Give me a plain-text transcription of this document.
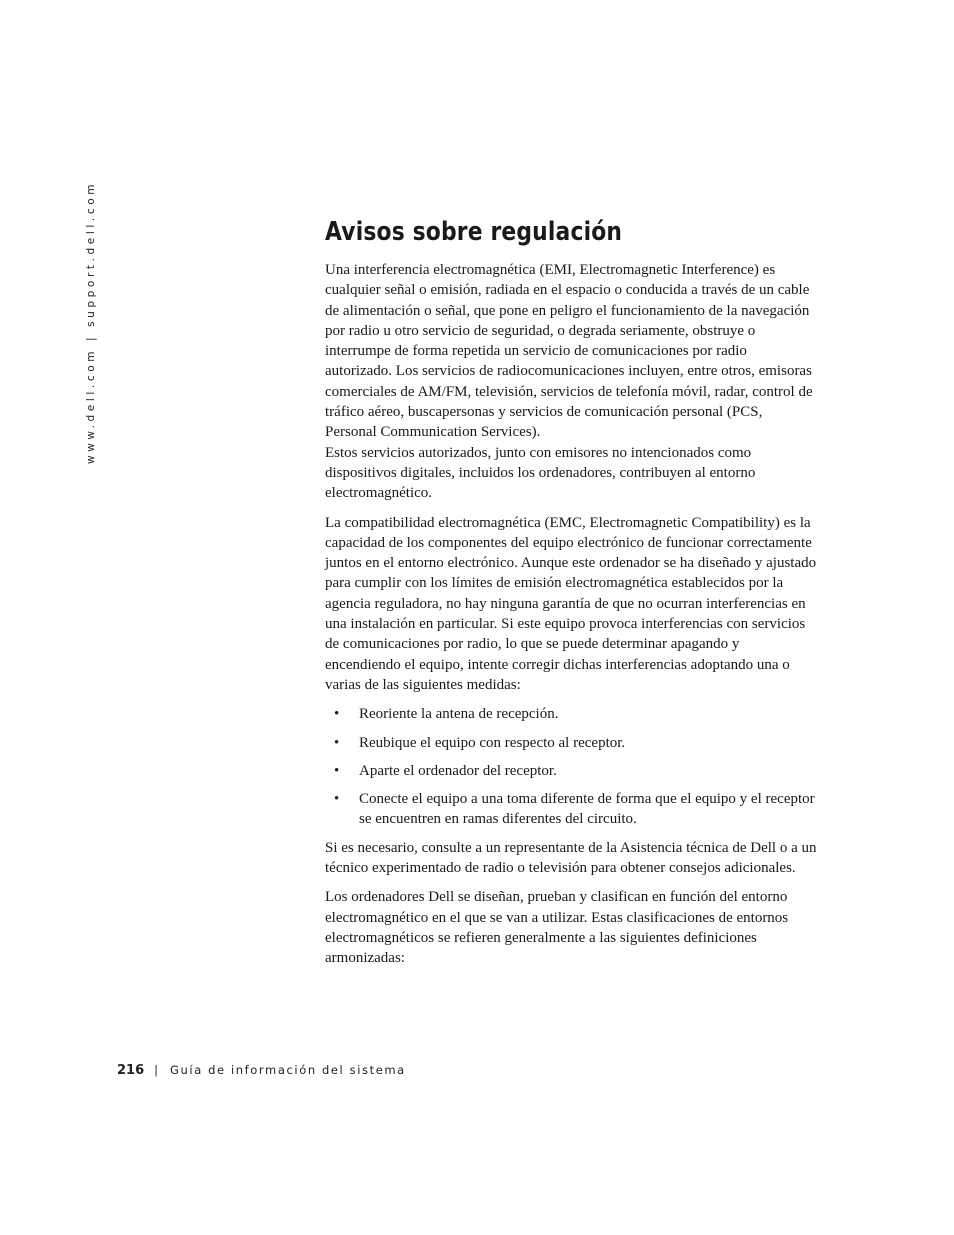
www.dell.com | support.dell.com	Avisos sobre regulación

Una interferencia electromagnética (EMI, Electromagnetic Interference) es cualquier señal o emisión, radiada en el espacio o conducida a través de un cable de alimentación o señal, que pone en peligro el funcionamiento de la navegación por radio u otro servicio de seguridad, o degrada seriamente, obstruye o interrumpe de forma repetida un servicio de comunicaciones por radio autorizado. Los servicios de radiocomunicaciones incluyen, entre otros, emisoras comerciales de AM/FM, televisión, servicios de telefonía móvil, radar, control de tráfico aéreo, buscapersonas y servicios de comunicación personal (PCS, Personal Communication Services).

Estos servicios autorizados, junto con emisores no intencionados como dispositivos digitales, incluidos los ordenadores, contribuyen al entorno electromagnético.

La compatibilidad electromagnética (EMC, Electromagnetic Compatibility) es la capacidad de los componentes del equipo electrónico de funcionar correctamente juntos en el entorno electrónico. Aunque este ordenador se ha diseñado y ajustado para cumplir con los límites de emisión electromagnética establecidos por la agencia reguladora, no hay ninguna garantía de que no ocurran interferencias en una instalación en particular. Si este equipo provoca interferencias con servicios de comunicaciones por radio, lo que se puede determinar apagando y encendiendo el equipo, intente corregir dichas interferencias adoptando una o varias de las siguientes medidas:

• Reoriente la antena de recepción.
• Reubique el equipo con respecto al receptor.
• Aparte el ordenador del receptor.
• Conecte el equipo a una toma diferente de forma que el equipo y el receptor se encuentren en ramas diferentes del circuito.

Si es necesario, consulte a un representante de la Asistencia técnica de Dell o a un técnico experimentado de radio o televisión para obtener consejos adicionales.

Los ordenadores Dell se diseñan, prueban y clasifican en función del entorno electromagnético en el que se van a utilizar. Estas clasificaciones de entornos electromagnéticos se refieren generalmente a las siguientes definiciones armonizadas:

216 | Guía de información del sistema
